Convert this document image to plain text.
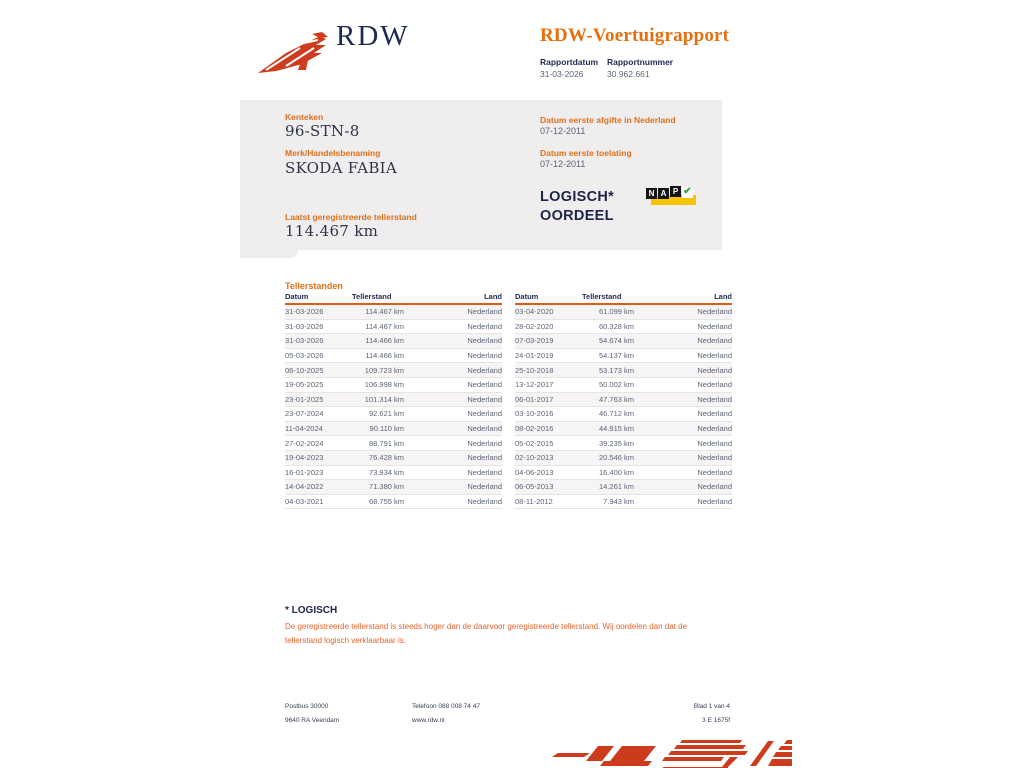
RDW	RDW-Voertuigrapport
Rapportdatum Rapportnummer
31-03-2026	30.962.661
Kenteken
96-STN-8
Merk/Handelsbenaming
SKODA FABIA
Laatst geregistreerde tellerstand
114.467 km
Datum eerste afgifte in Nederland
07-12-2011
Datum eerste toelating
07-12-2011
LOGISCH*
OORDEEL
N A P ✔
Tellerstanden
Datum	Tellerstand	Land
31-03-2026	114.467 km	Nederland
31-03-2026	114.467 km	Nederland
31-03-2026	114.466 km	Nederland
05-03-2026	114.466 km	Nederland
06-10-2025	109.723 km	Nederland
19-05-2025	106.998 km	Nederland
23-01-2025	101.314 km	Nederland
23-07-2024	92.621 km	Nederland
11-04-2024	90.110 km	Nederland
27-02-2024	88.791 km	Nederland
19-04-2023	76.428 km	Nederland
16-01-2023	73.934 km	Nederland
14-04-2022	71.380 km	Nederland
04-03-2021	68.755 km	Nederland
Datum	Tellerstand	Land
03-04-2020	61.099 km	Nederland
28-02-2020	60.328 km	Nederland
07-03-2019	54.674 km	Nederland
24-01-2019	54.137 km	Nederland
25-10-2018	53.173 km	Nederland
13-12-2017	50.002 km	Nederland
06-01-2017	47.763 km	Nederland
03-10-2016	46.712 km	Nederland
08-02-2016	44.915 km	Nederland
05-02-2015	39.235 km	Nederland
02-10-2013	20.546 km	Nederland
04-06-2013	16.400 km	Nederland
06-05-2013	14.261 km	Nederland
08-11-2012	7.943 km	Nederland
* LOGISCH
De geregistreerde tellerstand is steeds hoger dan de daarvoor geregistreerde tellerstand. Wij oordelen dan dat de tellerstand logisch verklaarbaar is.
Postbus 30000
9640 RA Veendam
Telefoon 088 008 74 47
www.rdw.nl
Blad 1 van 4
3 E 1675f
